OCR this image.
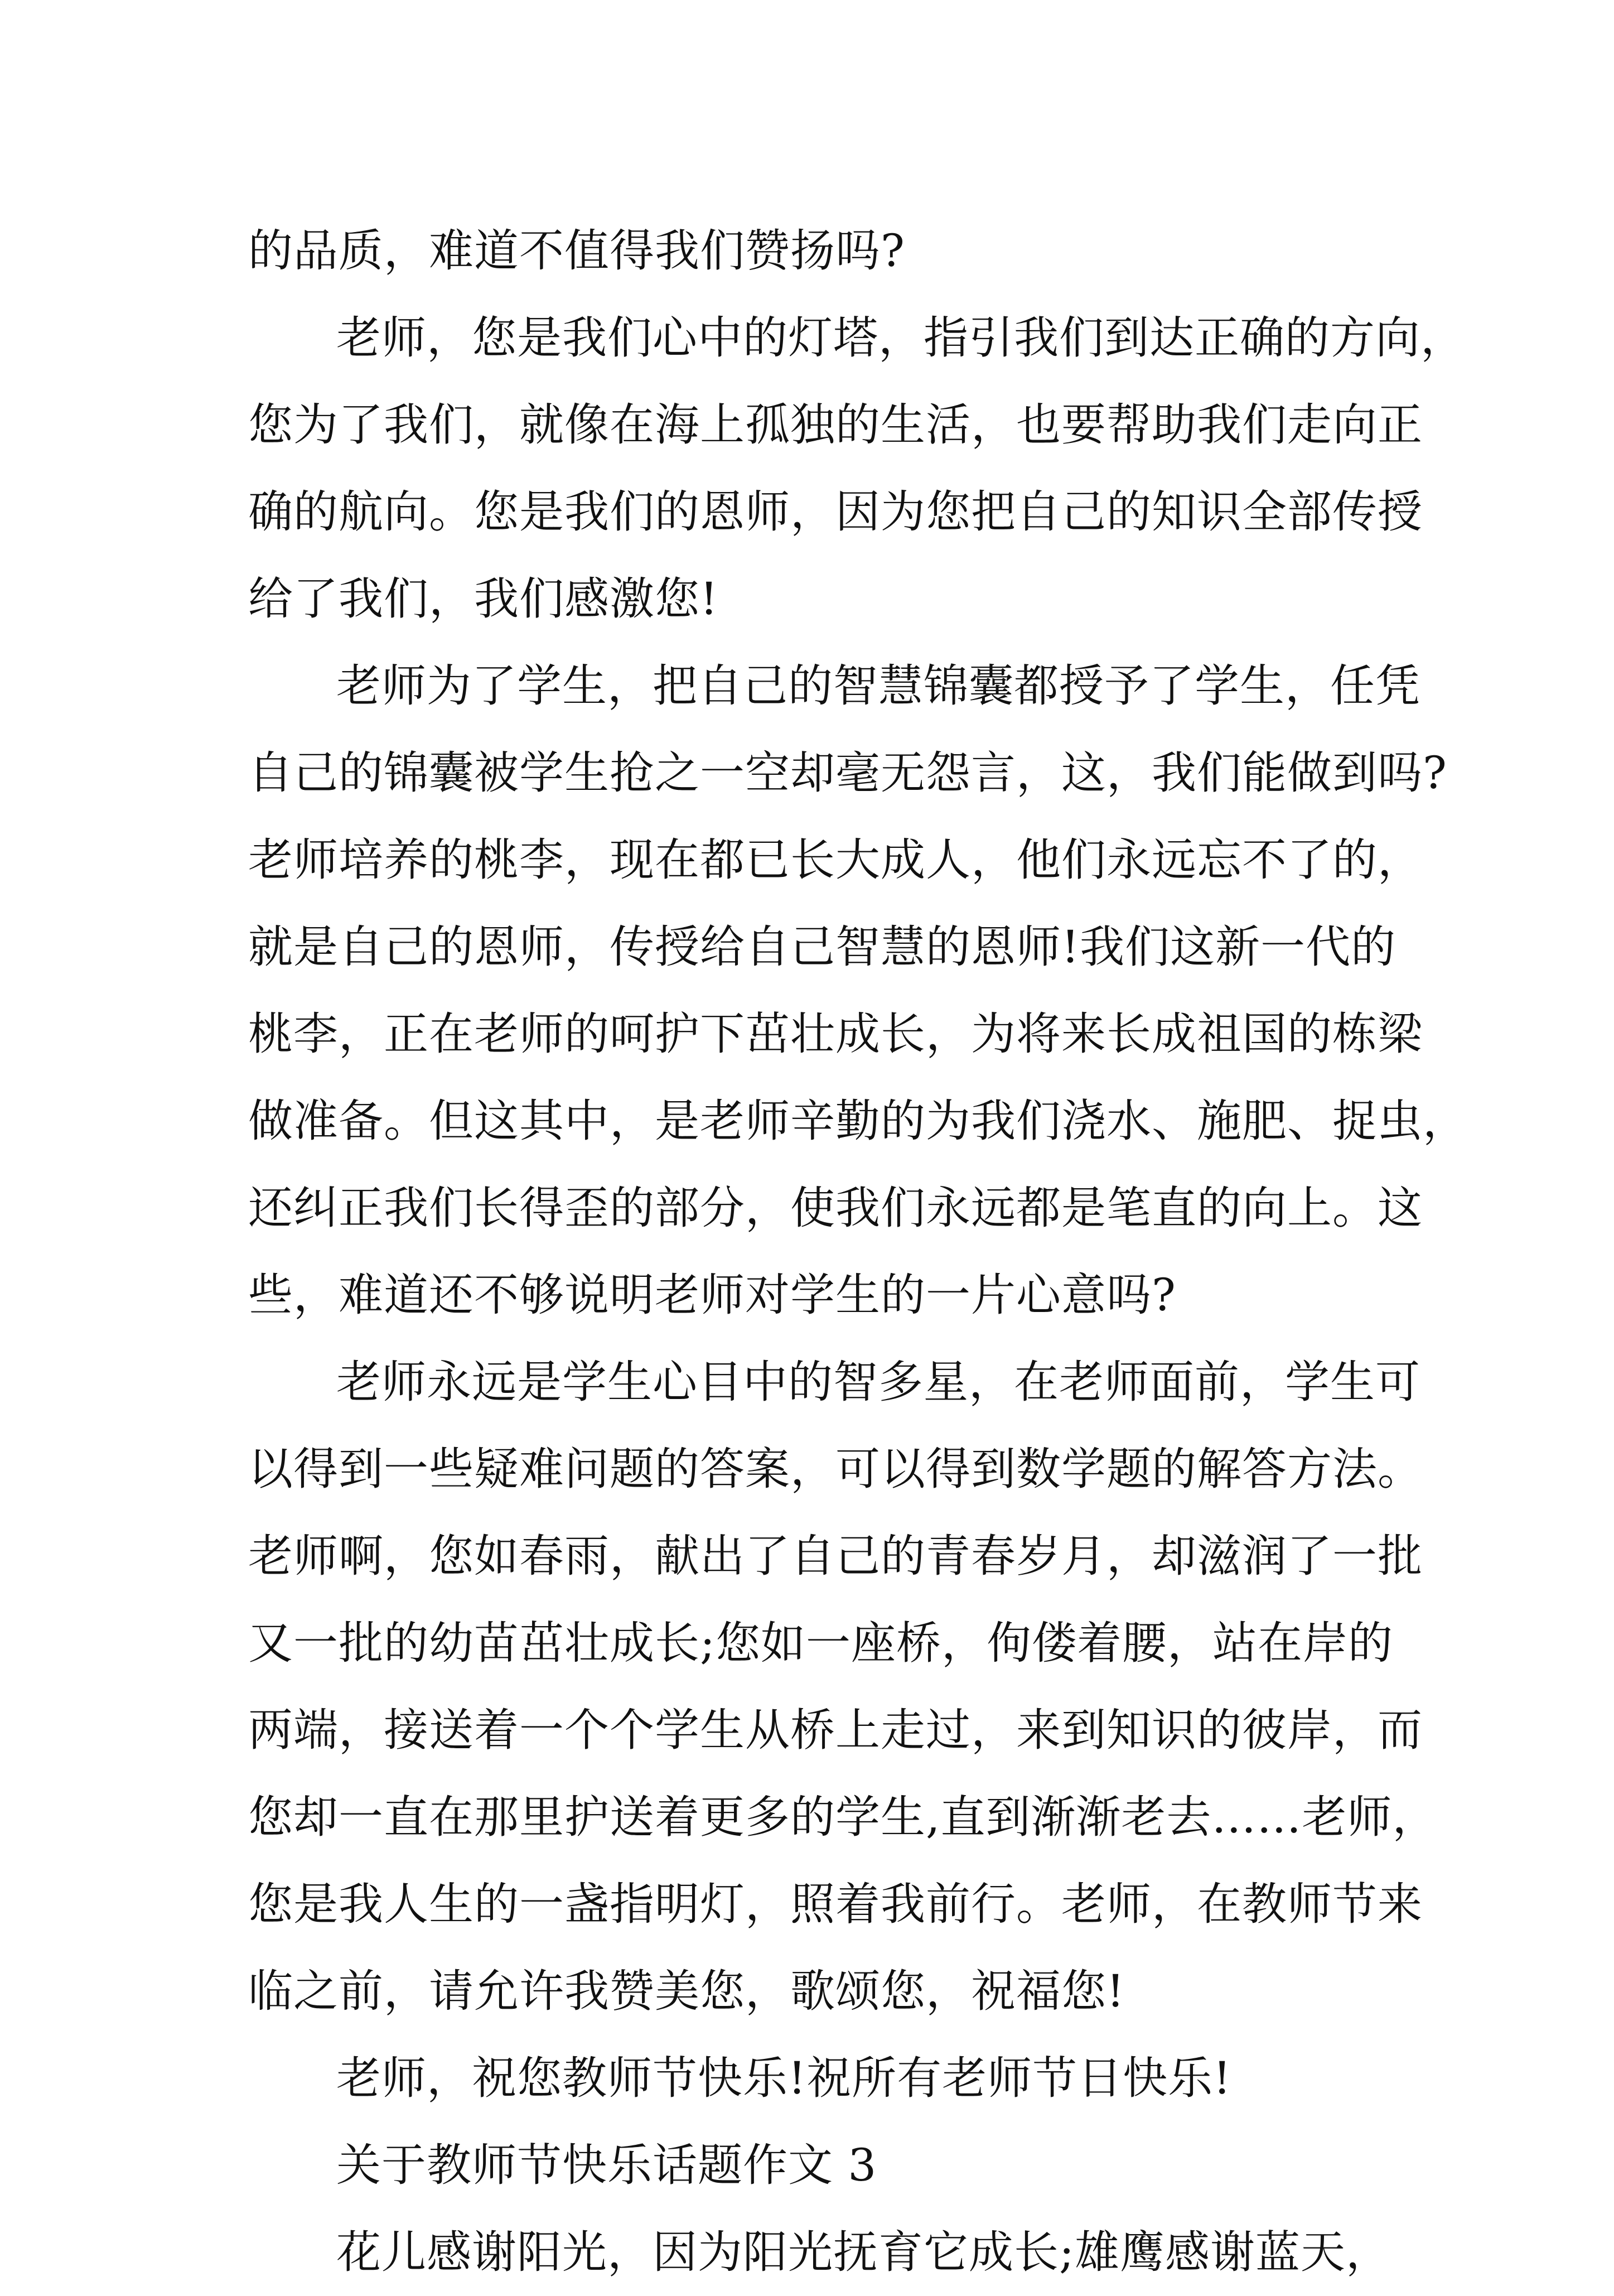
的品质，难道不值得我们赞扬吗?
老师，您是我们心中的灯塔，指引我们到达正确的方向，
您为了我们，就像在海上孤独的生活，也要帮助我们走向正
确的航向。您是我们的恩师，因为您把自己的知识全部传授
给了我们，我们感激您!
老师为了学生，把自己的智慧锦囊都授予了学生，任凭
自己的锦囊被学生抢之一空却毫无怨言，这，我们能做到吗?
老师培养的桃李，现在都已长大成人，他们永远忘不了的，
就是自己的恩师，传授给自己智慧的恩师!我们这新一代的
桃李，正在老师的呵护下茁壮成长，为将来长成祖国的栋梁
做准备。但这其中，是老师辛勤的为我们浇水、施肥、捉虫，
还纠正我们长得歪的部分，使我们永远都是笔直的向上。这
些，难道还不够说明老师对学生的一片心意吗?
老师永远是学生心目中的智多星，在老师面前，学生可
以得到一些疑难问题的答案，可以得到数学题的解答方法。
老师啊，您如春雨，献出了自己的青春岁月，却滋润了一批
又一批的幼苗茁壮成长;您如一座桥，佝偻着腰，站在岸的
两端，接送着一个个学生从桥上走过，来到知识的彼岸，而
您却一直在那里护送着更多的学生,直到渐渐老去……老师，
您是我人生的一盏指明灯，照着我前行。老师，在教师节来
临之前，请允许我赞美您，歌颂您，祝福您!
老师，祝您教师节快乐!祝所有老师节日快乐!
关于教师节快乐话题作文 3
花儿感谢阳光，因为阳光抚育它成长;雄鹰感谢蓝天，
